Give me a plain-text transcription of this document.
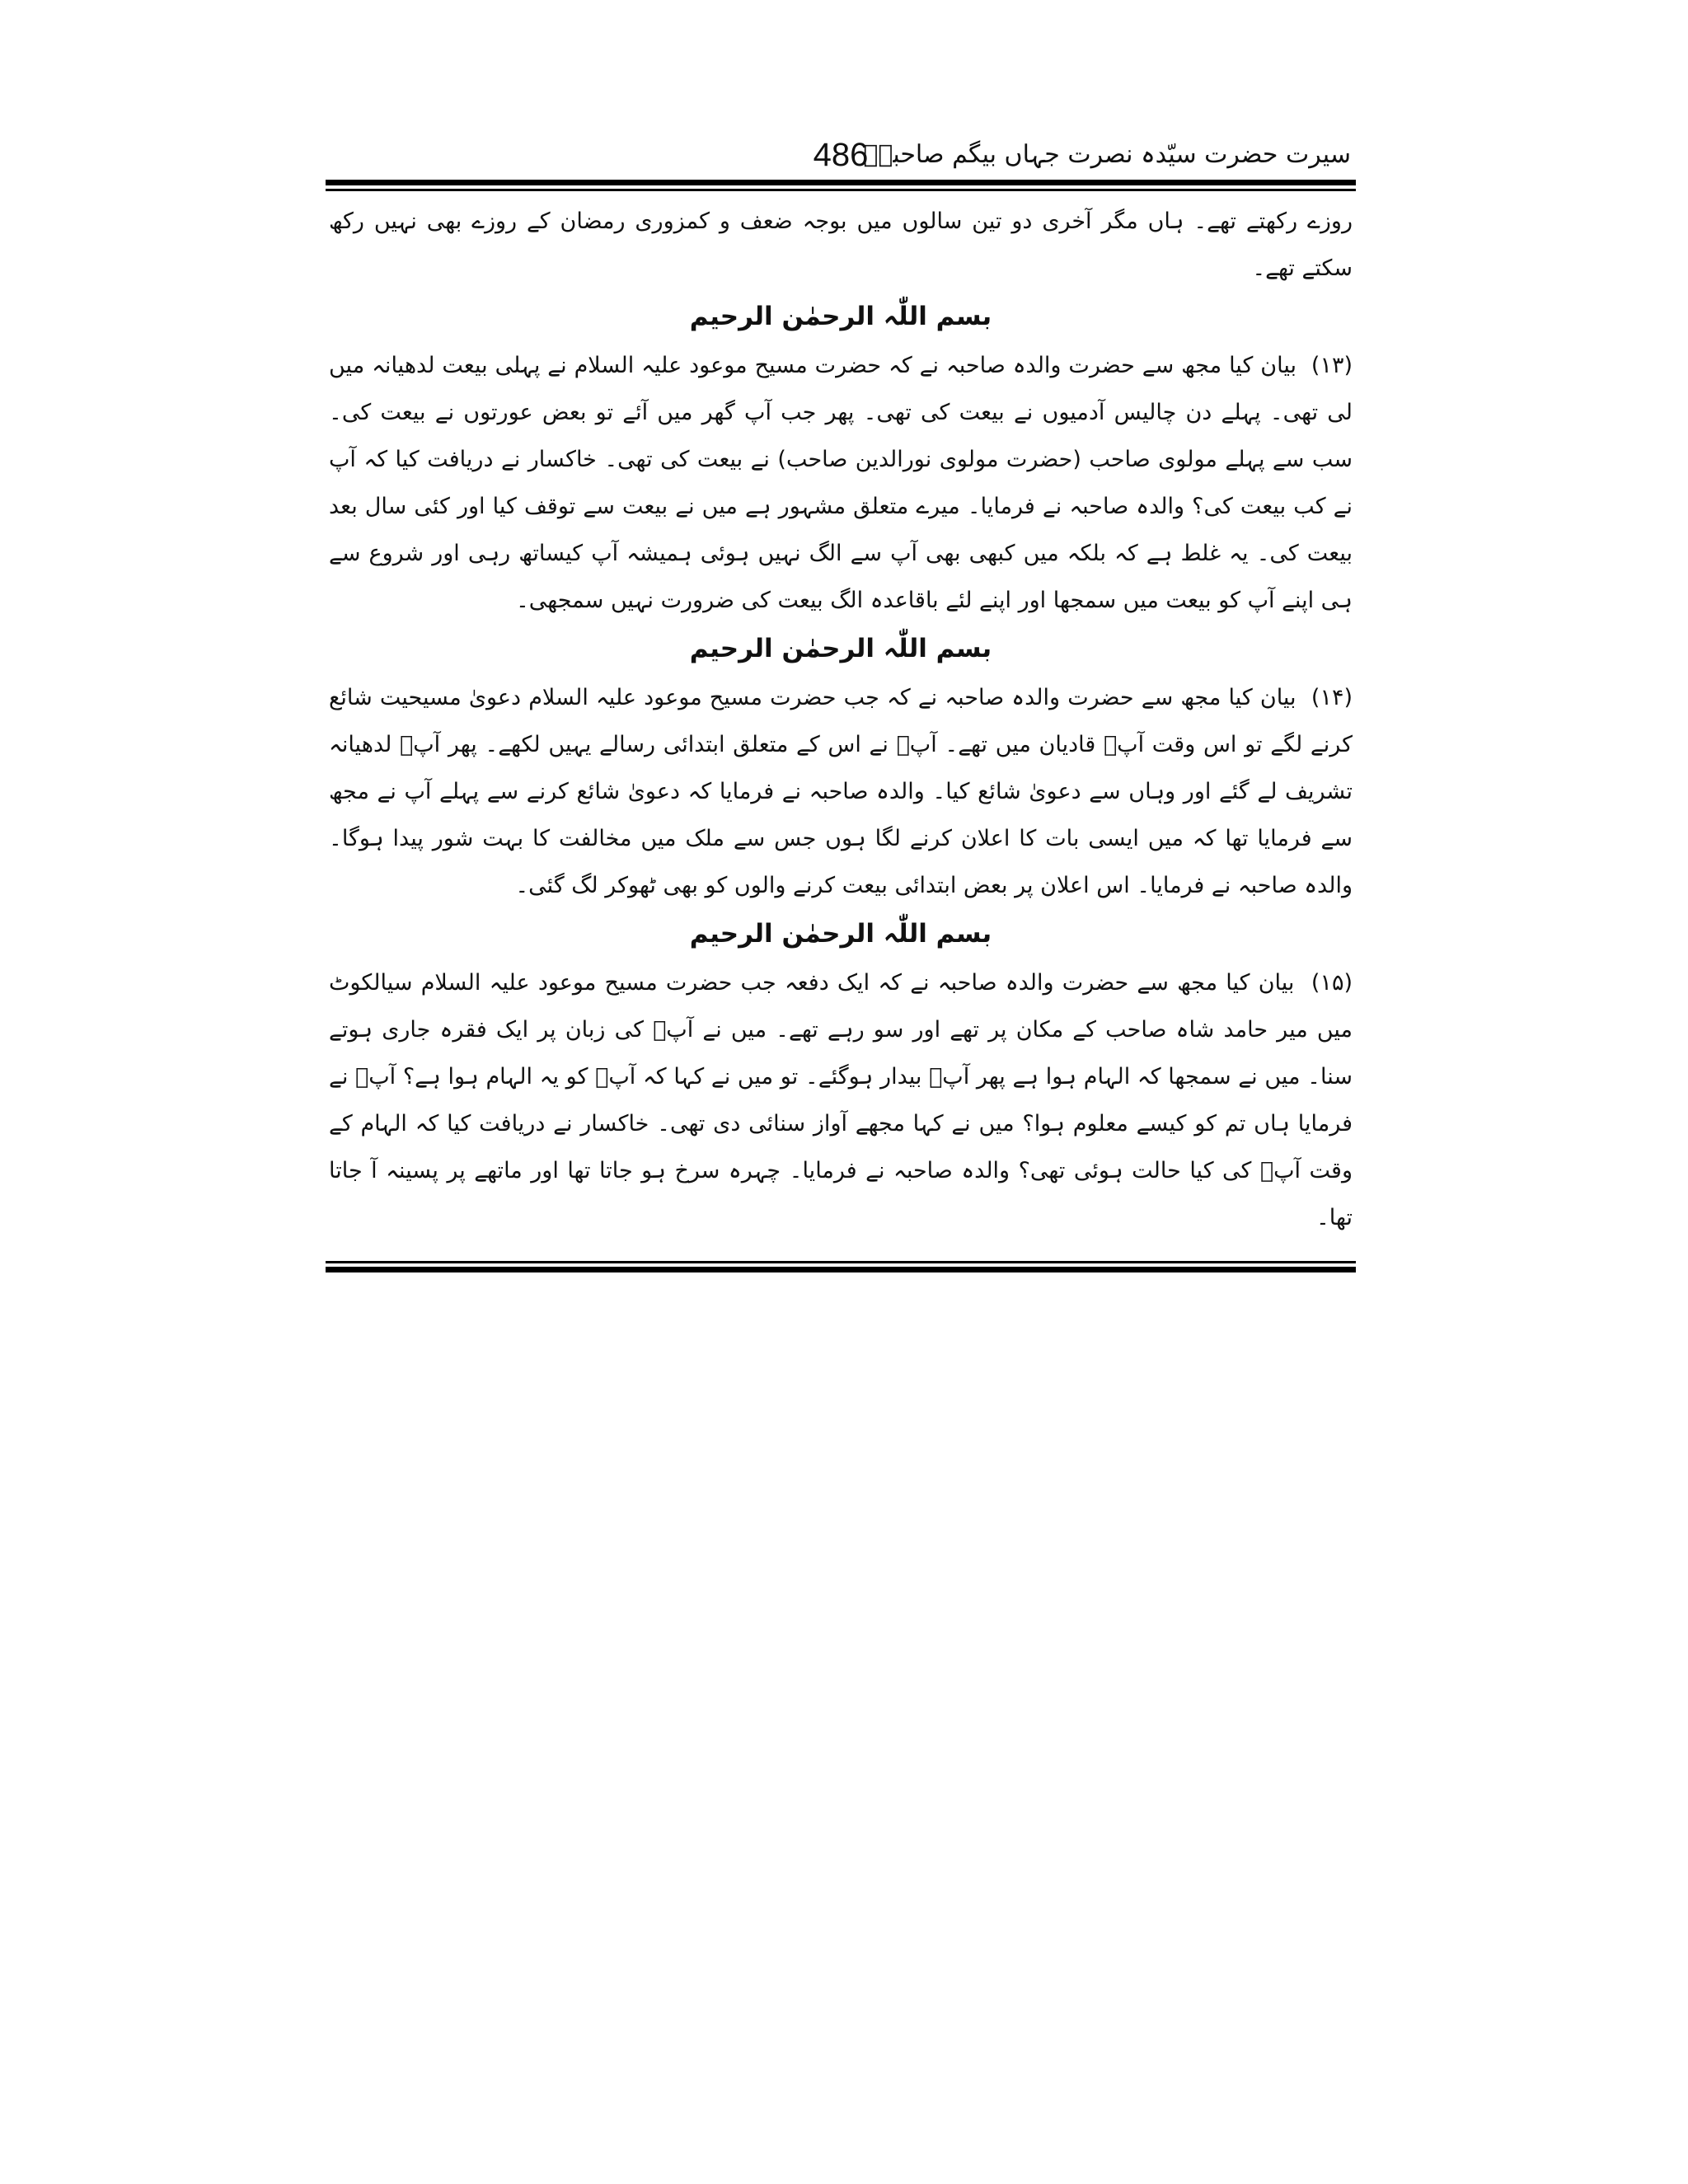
سیرت حضرت سیّدہ نصرت جہاں بیگم صاحبہؓ
486

روزے رکھتے تھے۔ ہاں مگر آخری دو تین سالوں میں بوجہ ضعف و کمزوری رمضان کے روزے بھی نہیں رکھ سکتے تھے۔

بسم اللّٰہ الرحمٰن الرحیم

(۱۳)  بیان کیا مجھ سے حضرت والدہ صاحبہ نے کہ حضرت مسیح موعود علیہ السلام نے پہلی بیعت لدھیانہ میں لی تھی۔ پہلے دن چالیس آدمیوں نے بیعت کی تھی۔ پھر جب آپ گھر میں آئے تو بعض عورتوں نے بیعت کی۔ سب سے پہلے مولوی صاحب (حضرت مولوی نورالدین صاحب) نے بیعت کی تھی۔ خاکسار نے دریافت کیا کہ آپ نے کب بیعت کی؟ والدہ صاحبہ نے فرمایا۔ میرے متعلق مشہور ہے میں نے بیعت سے توقف کیا اور کئی سال بعد بیعت کی۔ یہ غلط ہے کہ بلکہ میں کبھی بھی آپ سے الگ نہیں ہوئی ہمیشہ آپ کیساتھ رہی اور شروع سے ہی اپنے آپ کو بیعت میں سمجھا اور اپنے لئے باقاعدہ الگ بیعت کی ضرورت نہیں سمجھی۔

بسم اللّٰہ الرحمٰن الرحیم

(۱۴)  بیان کیا مجھ سے حضرت والدہ صاحبہ نے کہ جب حضرت مسیح موعود علیہ السلام دعویٰ مسیحیت شائع کرنے لگے تو اس وقت آپؑ قادیان میں تھے۔ آپؑ نے اس کے متعلق ابتدائی رسالے یہیں لکھے۔ پھر آپؑ لدھیانہ تشریف لے گئے اور وہاں سے دعویٰ شائع کیا۔ والدہ صاحبہ نے فرمایا کہ دعویٰ شائع کرنے سے پہلے آپ نے مجھ سے فرمایا تھا کہ میں ایسی بات کا اعلان کرنے لگا ہوں جس سے ملک میں مخالفت کا بہت شور پیدا ہوگا۔ والدہ صاحبہ نے فرمایا۔ اس اعلان پر بعض ابتدائی بیعت کرنے والوں کو بھی ٹھوکر لگ گئی۔

بسم اللّٰہ الرحمٰن الرحیم

(۱۵)  بیان کیا مجھ سے حضرت والدہ صاحبہ نے کہ ایک دفعہ جب حضرت مسیح موعود علیہ السلام سیالکوٹ میں میر حامد شاہ صاحب کے مکان پر تھے اور سو رہے تھے۔ میں نے آپؑ کی زبان پر ایک فقرہ جاری ہوتے سنا۔ میں نے سمجھا کہ الہام ہوا ہے پھر آپؑ بیدار ہوگئے۔ تو میں نے کہا کہ آپؑ کو یہ الہام ہوا ہے؟ آپؑ نے فرمایا ہاں تم کو کیسے معلوم ہوا؟ میں نے کہا مجھے آواز سنائی دی تھی۔ خاکسار نے دریافت کیا کہ الہام کے وقت آپؑ کی کیا حالت ہوئی تھی؟ والدہ صاحبہ نے فرمایا۔ چہرہ سرخ ہو جاتا تھا اور ماتھے پر پسینہ آ جاتا تھا۔
